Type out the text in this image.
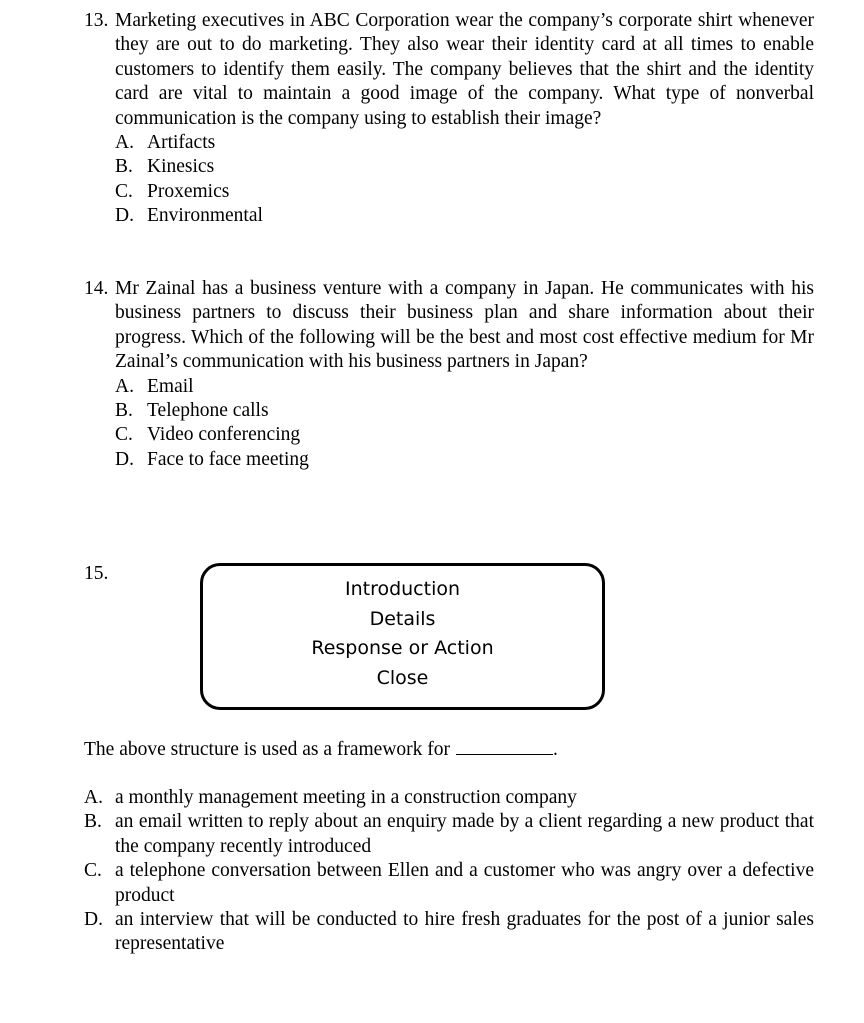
13. Marketing executives in ABC Corporation wear the company’s corporate shirt whenever they are out to do marketing. They also wear their identity card at all times to enable customers to identify them easily. The company believes that the shirt and the identity card are vital to maintain a good image of the company. What type of nonverbal communication is the company using to establish their image?
A. Artifacts
B. Kinesics
C. Proxemics
D. Environmental
14. Mr Zainal has a business venture with a company in Japan. He communicates with his business partners to discuss their business plan and share information about their progress. Which of the following will be the best and most cost effective medium for Mr Zainal’s communication with his business partners in Japan?
A. Email
B. Telephone calls
C. Video conferencing
D. Face to face meeting
15.
Introduction
Details
Response or Action
Close
The above structure is used as a framework for	.
A. a monthly management meeting in a construction company
B. an email written to reply about an enquiry made by a client regarding a new product that the company recently introduced
C. a telephone conversation between Ellen and a customer who was angry over a defective product
D. an interview that will be conducted to hire fresh graduates for the post of a junior sales representative
